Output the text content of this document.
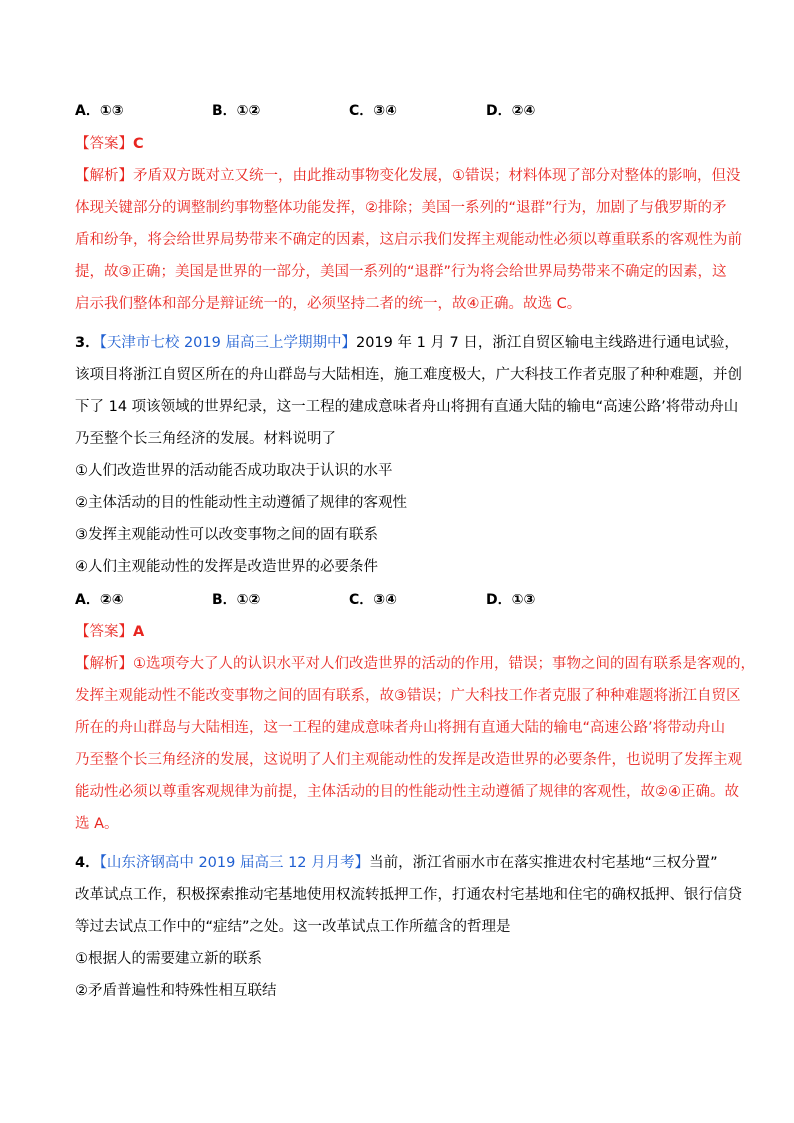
A．①③	B．①②	C．③④	D．②④
【答案】C
【解析】矛盾双方既对立又统一，由此推动事物变化发展，①错误；材料体现了部分对整体的影响，但没
体现关键部分的调整制约事物整体功能发挥，②排除；美国一系列的“退群”行为，加剧了与俄罗斯的矛
盾和纷争，将会给世界局势带来不确定的因素，这启示我们发挥主观能动性必须以尊重联系的客观性为前
提，故③正确；美国是世界的一部分，美国一系列的“退群”行为将会给世界局势带来不确定的因素，这
启示我们整体和部分是辩证统一的，必须坚持二者的统一，故④正确。故选 C。
3．【天津市七校 2019 届高三上学期期中】2019 年 1 月 7 日，浙江自贸区输电主线路进行通电试验，
该项目将浙江自贸区所在的舟山群岛与大陆相连，施工难度极大，广大科技工作者克服了种种难题，并创
下了 14 项该领域的世界纪录，这一工程的建成意味者舟山将拥有直通大陆的输电“高速公路’将带动舟山
乃至整个长三角经济的发展。材料说明了
①人们改造世界的活动能否成功取决于认识的水平
②主体活动的目的性能动性主动遵循了规律的客观性
③发挥主观能动性可以改变事物之间的固有联系
④人们主观能动性的发挥是改造世界的必要条件
A．②④	B．①②	C．③④	D．①③
【答案】A
【解析】①选项夸大了人的认识水平对人们改造世界的活动的作用，错误；事物之间的固有联系是客观的，
发挥主观能动性不能改变事物之间的固有联系，故③错误；广大科技工作者克服了种种难题将浙江自贸区
所在的舟山群岛与大陆相连，这一工程的建成意味者舟山将拥有直通大陆的输电“高速公路’将带动舟山
乃至整个长三角经济的发展，这说明了人们主观能动性的发挥是改造世界的必要条件，也说明了发挥主观
能动性必须以尊重客观规律为前提，主体活动的目的性能动性主动遵循了规律的客观性，故②④正确。故
选 A。
4．【山东济钢高中 2019 届高三 12 月月考】当前，浙江省丽水市在落实推进农村宅基地“三权分置”
改革试点工作，积极探索推动宅基地使用权流转抵押工作，打通农村宅基地和住宅的确权抵押、银行信贷
等过去试点工作中的“症结”之处。这一改革试点工作所蕴含的哲理是
①根据人的需要建立新的联系
②矛盾普遍性和特殊性相互联结
